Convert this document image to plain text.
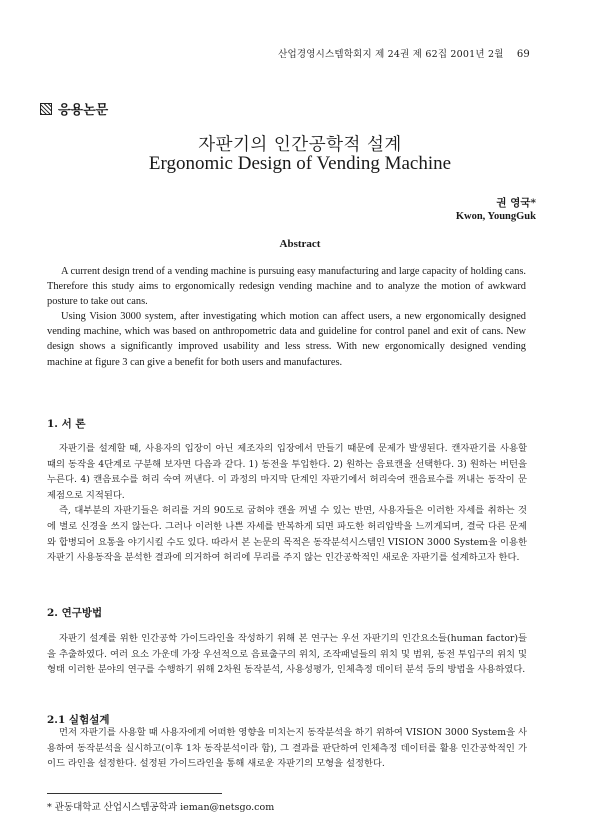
산업경영시스템학회지 제 24권 제 62집 2001년 2월 69
응용논문
자판기의 인간공학적 설계
Ergonomic Design of Vending Machine
권 영국*
Kwon, YoungGuk
Abstract

A current design trend of a vending machine is pursuing easy manufacturing and large capacity of holding cans. Therefore this study aims to ergonomically redesign vending machine and to analyze the motion of awkward posture to take out cans.

Using Vision 3000 system, after investigating which motion can affect users, a new ergonomically designed vending machine, which was based on anthropometric data and guideline for control panel and exit of cans. New design shows a significantly improved usability and less stress. With new ergonomically designed vending machine at figure 3 can give a benefit for both users and manufactures.

1. 서 론

자판기를 설계할 때, 사용자의 입장이 아닌 제조자의 입장에서 만들기 때문에 문제가 발생된다. 캔자판기를 사용할 때의 동작을 4단계로 구분해 보자면 다음과 같다. 1) 동전을 투입한다. 2) 원하는 음료캔을 선택한다. 3) 원하는 버턴을 누른다. 4) 캔음료수를 허리 숙여 꺼낸다. 이 과정의 마지막 단계인 자판기에서 허리숙여 캔음료수를 꺼내는 동작이 문제점으로 지적된다.

즉, 대부분의 자판기들은 허리를 거의 90도로 굽혀야 캔을 꺼낼 수 있는 반면, 사용자들은 이러한 자세를 취하는 것에 별로 신경을 쓰지 않는다. 그러나 이러한 나쁜 자세를 반복하게 되면 파도한 허리압박을 느끼게되며, 결국 다른 문제와 합병되어 요통을 야기시킬 수도 있다. 따라서 본 논문의 목적은 동작분석시스템인 VISION 3000 System을 이용한 자판기 사용동작을 분석한 결과에 의거하여 허리에 무리를 주지 않는 인간공학적인 새로운 자판기를 설계하고자 한다.

2. 연구방법

자판기 설계를 위한 인간공학 가이드라인을 작성하기 위해 본 연구는 우선 자판기의 인간요소들(human factor)들을 추출하였다. 여러 요소 가운데 가장 우선적으로 음료출구의 위치, 조작패널들의 위치 및 범위, 동전 투입구의 위치 및 형태 이러한 분야의 연구를 수행하기 위해 2차원 동작분석, 사용성평가, 인체측정 데이터 분석 등의 방법을 사용하였다.

2.1 실험설계

먼저 자판기를 사용할 때 사용자에게 어떠한 영향을 미치는지 동작분석을 하기 위하여 VISION 3000 System을 사용하여 동작분석을 실시하고(이후 1차 동작분석이라 함), 그 결과를 판단하여 인체측정 데이터를 활용 인간공학적인 가이드 라인을 설정한다. 설정된 가이드라인을 통해 새로운 자판기의 모형을 설정한다.

* 관동대학교 산업시스템공학과 ieman@netsgo.com
